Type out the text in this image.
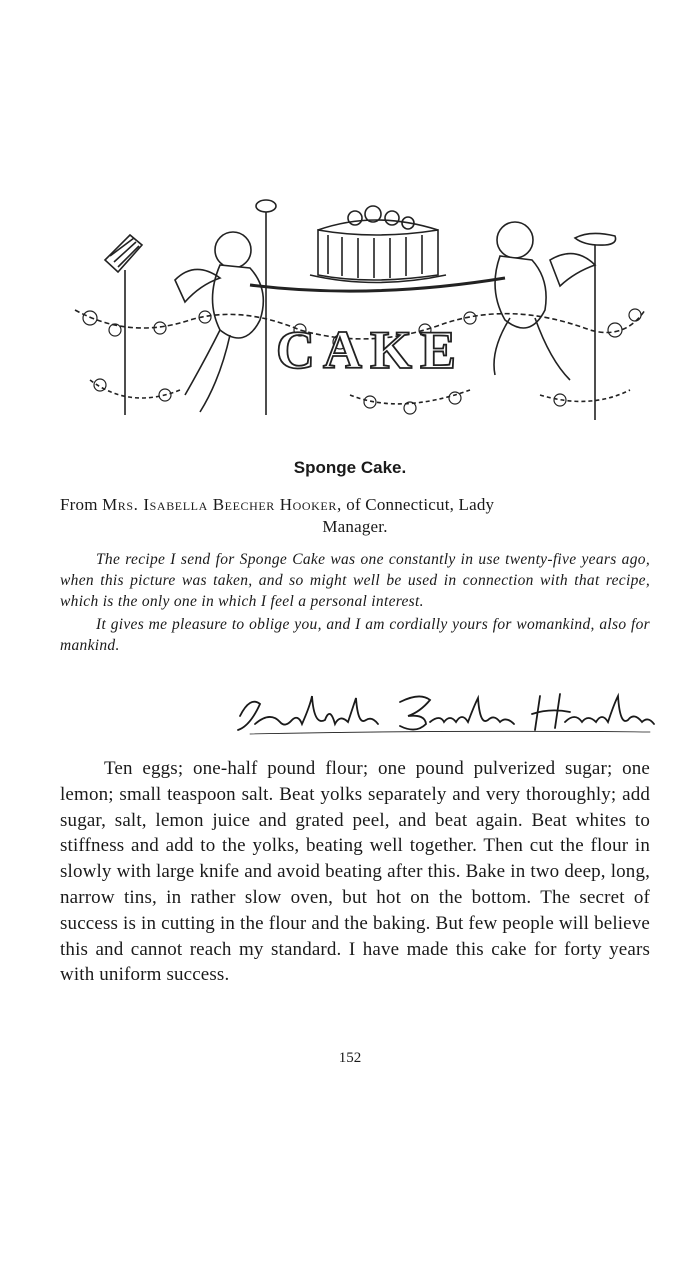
CAKE
Sponge Cake.
From Mrs. Isabella Beecher Hooker, of Connecticut, Lady
Manager.

The recipe I send for Sponge Cake was one constantly in use twenty-five years ago, when this picture was taken, and so might well be used in connection with that recipe, which is the only one in which I feel a personal interest.

It gives me pleasure to oblige you, and I am cordially yours for womankind, also for mankind.

Isabella Beecher Hooker

Ten eggs; one-half pound flour; one pound pulverized sugar; one lemon; small teaspoon salt. Beat yolks separately and very thoroughly; add sugar, salt, lemon juice and grated peel, and beat again. Beat whites to stiffness and add to the yolks, beating well together. Then cut the flour in slowly with large knife and avoid beating after this. Bake in two deep, long, narrow tins, in rather slow oven, but hot on the bottom. The secret of success is in cutting in the flour and the baking. But few people will believe this and cannot reach my standard. I have made this cake for forty years with uniform success.

152
